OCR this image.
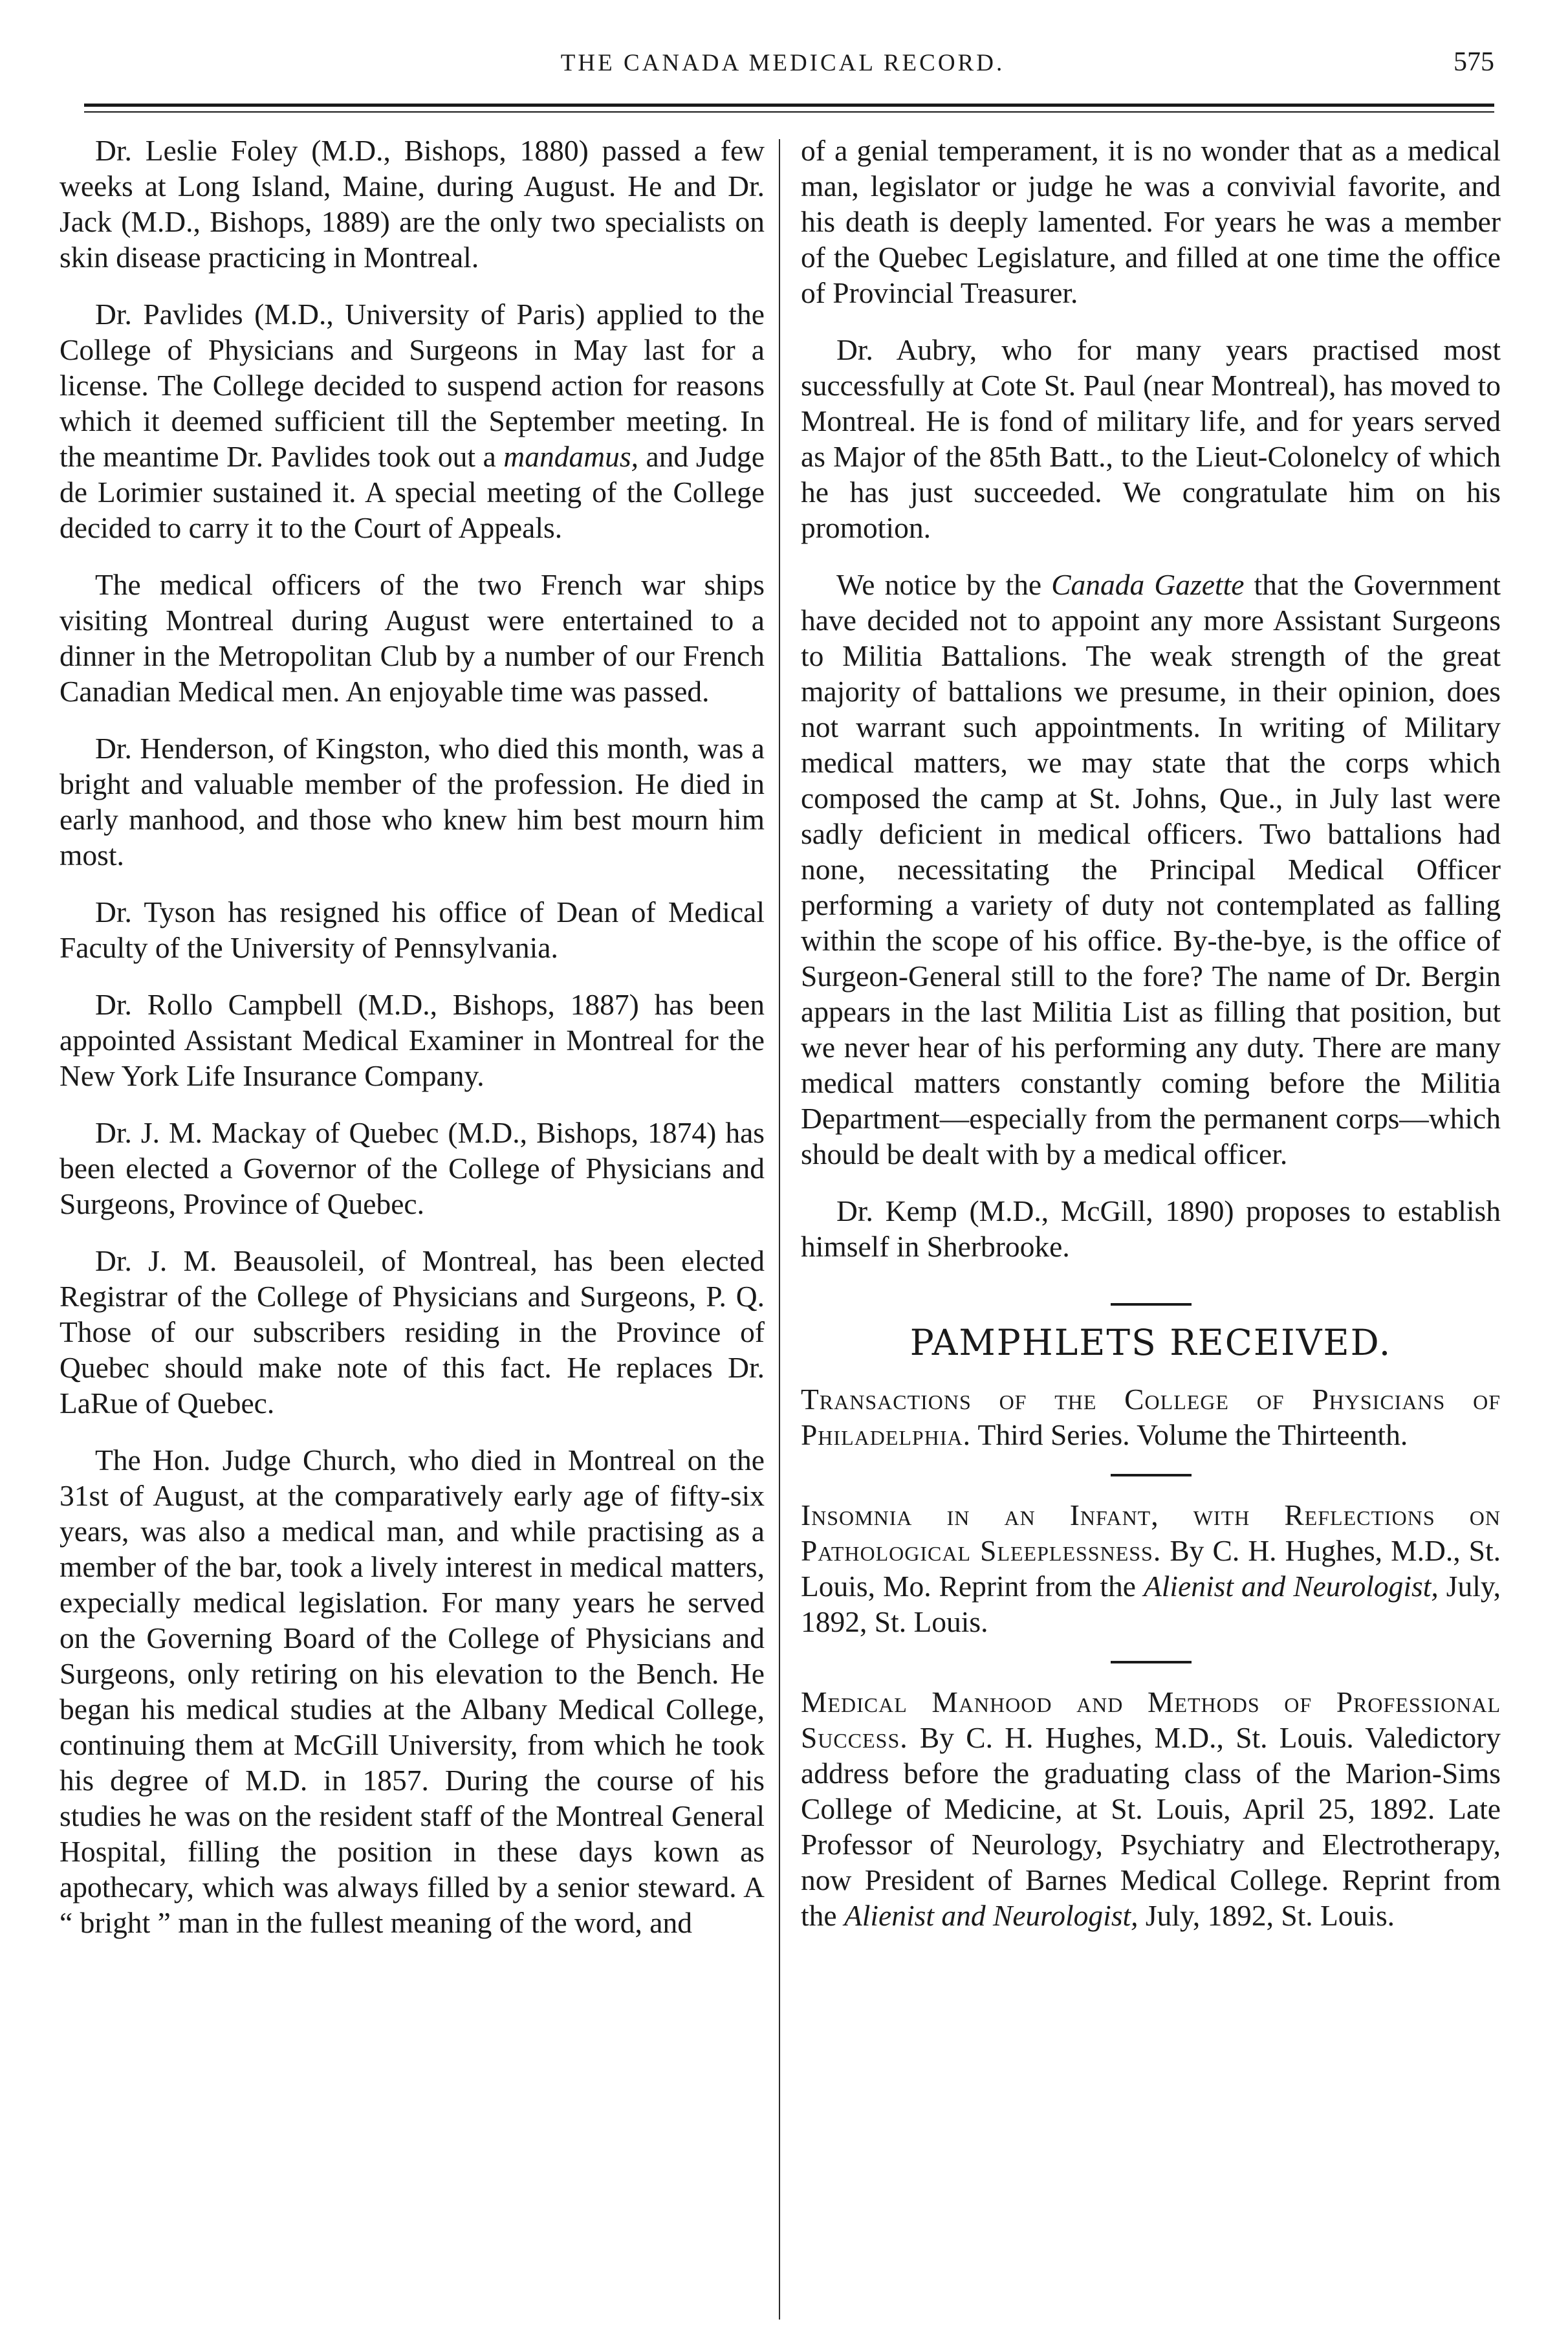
THE CANADA MEDICAL RECORD.	575

Dr. Leslie Foley (M.D., Bishops, 1880) passed a few weeks at Long Island, Maine, during August. He and Dr. Jack (M.D., Bishops, 1889) are the only two specialists on skin disease practicing in Montreal.

Dr. Pavlides (M.D., University of Paris) applied to the College of Physicians and Surgeons in May last for a license. The College decided to suspend action for reasons which it deemed sufficient till the September meeting. In the meantime Dr. Pavlides took out a mandamus, and Judge de Lorimier sustained it. A special meeting of the College decided to carry it to the Court of Appeals.

The medical officers of the two French war ships visiting Montreal during August were entertained to a dinner in the Metropolitan Club by a number of our French Canadian Medical men. An enjoyable time was passed.

Dr. Henderson, of Kingston, who died this month, was a bright and valuable member of the profession. He died in early manhood, and those who knew him best mourn him most.

Dr. Tyson has resigned his office of Dean of Medical Faculty of the University of Pennsylvania.

Dr. Rollo Campbell (M.D., Bishops, 1887) has been appointed Assistant Medical Examiner in Montreal for the New York Life Insurance Company.

Dr. J. M. Mackay of Quebec (M.D., Bishops, 1874) has been elected a Governor of the College of Physicians and Surgeons, Province of Quebec.

Dr. J. M. Beausoleil, of Montreal, has been elected Registrar of the College of Physicians and Surgeons, P. Q. Those of our subscribers residing in the Province of Quebec should make note of this fact. He replaces Dr. LaRue of Quebec.

The Hon. Judge Church, who died in Montreal on the 31st of August, at the comparatively early age of fifty-six years, was also a medical man, and while practising as a member of the bar, took a lively interest in medical matters, expecially medical legislation. For many years he served on the Governing Board of the College of Physicians and Surgeons, only retiring on his elevation to the Bench. He began his medical studies at the Albany Medical College, continuing them at McGill University, from which he took his degree of M.D. in 1857. During the course of his studies he was on the resident staff of the Montreal General Hospital, filling the position in these days kown as apothecary, which was always filled by a senior steward. A “ bright ” man in the fullest meaning of the word, and

of a genial temperament, it is no wonder that as a medical man, legislator or judge he was a convivial favorite, and his death is deeply lamented. For years he was a member of the Quebec Legislature, and filled at one time the office of Provincial Treasurer.

Dr. Aubry, who for many years practised most successfully at Cote St. Paul (near Montreal), has moved to Montreal. He is fond of military life, and for years served as Major of the 85th Batt., to the Lieut-Colonelcy of which he has just succeeded. We congratulate him on his promotion.

We notice by the Canada Gazette that the Government have decided not to appoint any more Assistant Surgeons to Militia Battalions. The weak strength of the great majority of battalions we presume, in their opinion, does not warrant such appointments. In writing of Military medical matters, we may state that the corps which composed the camp at St. Johns, Que., in July last were sadly deficient in medical officers. Two battalions had none, necessitating the Principal Medical Officer performing a variety of duty not contemplated as falling within the scope of his office. By-the-bye, is the office of Surgeon-General still to the fore? The name of Dr. Bergin appears in the last Militia List as filling that position, but we never hear of his performing any duty. There are many medical matters constantly coming before the Militia Department—especially from the permanent corps—which should be dealt with by a medical officer.

Dr. Kemp (M.D., McGill, 1890) proposes to establish himself in Sherbrooke.

PAMPHLETS RECEIVED.

Transactions of the College of Physicians of Philadelphia. Third Series. Volume the Thirteenth.

Insomnia in an Infant, with Reflections on Pathological Sleeplessness. By C. H. Hughes, M.D., St. Louis, Mo. Reprint from the Alienist and Neurologist, July, 1892, St. Louis.

Medical Manhood and Methods of Professional Success. By C. H. Hughes, M.D., St. Louis. Valedictory address before the graduating class of the Marion-Sims College of Medicine, at St. Louis, April 25, 1892. Late Professor of Neurology, Psychiatry and Electrotherapy, now President of Barnes Medical College. Reprint from the Alienist and Neurologist, July, 1892, St. Louis.
